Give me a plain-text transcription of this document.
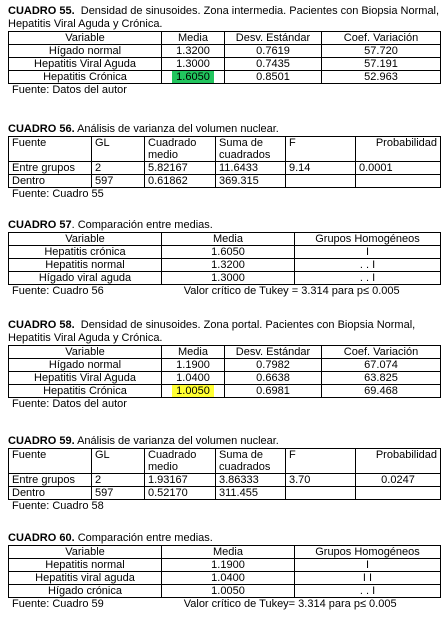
CUADRO 55. Densidad de sinusoides. Zona intermedia. Pacientes con Biopsia Normal, Hepatitis Viral Aguda y Crónica.

Variable	Media	Desv. Estándar	Coef. Variación
Hígado normal	1.3200	0.7619	57.720
Hepatitis Viral Aguda	1.3000	0.7435	57.191
Hepatitis Crónica	1.6050	0.8501	52.963

Fuente: Datos del autor

CUADRO 56. Análisis de varianza del volumen nuclear.

Fuente	GL	Cuadrado medio	Suma de cuadrados	F	Probabilidad
Entre grupos	2	5.82167	11.6433	9.14	0.0001
Dentro	597	0.61862	369.315		

Fuente: Cuadro 55

CUADRO 57. Comparación entre medias.

Variable	Media	Grupos Homogéneos
Hepatitis crónica	1.6050	I
Hepatitis normal	1.3200	. . I
Hígado viral aguda	1.3000	. . I
Fuente: Cuadro 56	Valor crítico de Tukey = 3.314 para p≤ 0.005

CUADRO 58. Densidad de sinusoides. Zona portal. Pacientes con Biopsia Normal, Hepatitis Viral Aguda y Crónica.

Variable	Media	Desv. Estándar	Coef. Variación
Hígado normal	1.1900	0.7982	67.074
Hepatitis Viral Aguda	1.0400	0.6638	63.825
Hepatitis Crónica	1.0050	0.6981	69.468

Fuente: Datos del autor

CUADRO 59. Análisis de varianza del volumen nuclear.

Fuente	GL	Cuadrado medio	Suma de cuadrados	F	Probabilidad
Entre grupos	2	1.93167	3.86333	3.70	0.0247
Dentro	597	0.52170	311.455		

Fuente: Cuadro 58

CUADRO 60. Comparación entre medias.

Variable	Media	Grupos Homogéneos
Hepatitis normal	1.1900	I
Hepatitis viral aguda	1.0400	I I
Hígado crónica	1.0050	. . I
Fuente: Cuadro 59	Valor crítico de Tukey= 3.314 para p≤ 0.005
